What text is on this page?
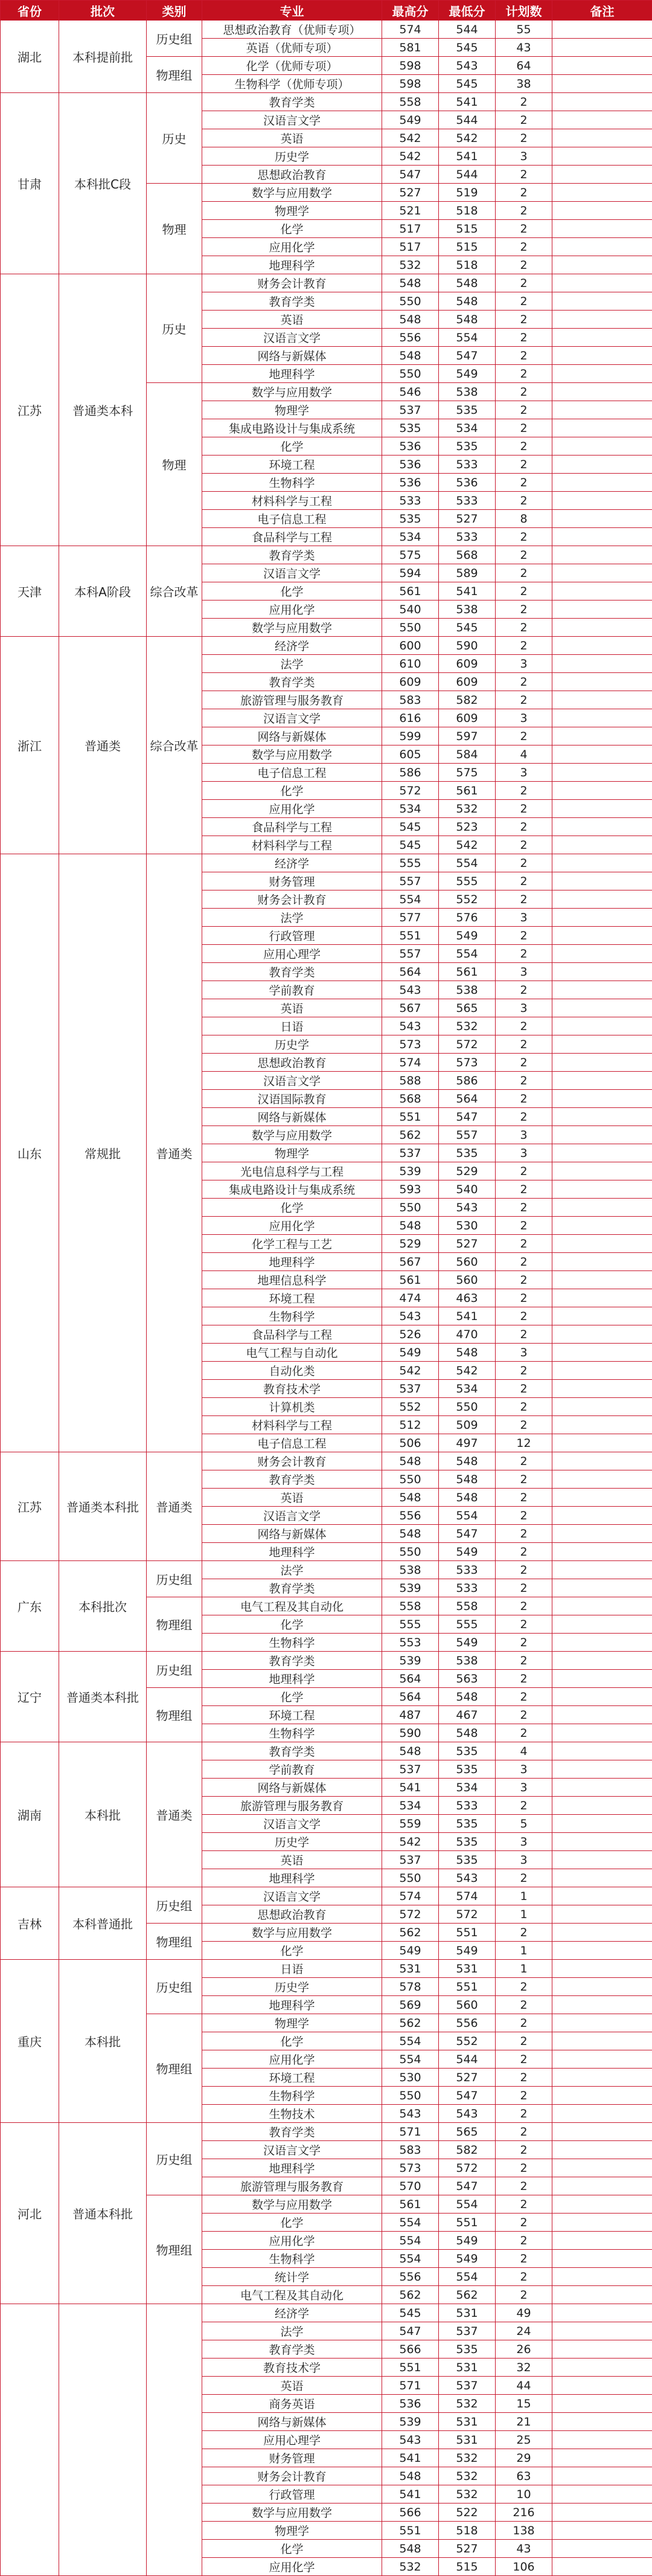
省份	批次	类别	专业	最高分	最低分	计划数	备注
湖北	本科提前批	历史组	思想政治教育（优师专项）	574	544	55	
			英语（优师专项）	581	545	43	
		物理组	化学（优师专项）	598	543	64	
			生物科学（优师专项）	598	545	38	
甘肃	本科批C段	历史	教育学类	558	541	2	
			汉语言文学	549	544	2	
			英语	542	542	2	
			历史学	542	541	3	
			思想政治教育	547	544	2	
		物理	数学与应用数学	527	519	2	
			物理学	521	518	2	
			化学	517	515	2	
			应用化学	517	515	2	
			地理科学	532	518	2	
江苏	普通类本科	历史	财务会计教育	548	548	2	
			教育学类	550	548	2	
			英语	548	548	2	
			汉语言文学	556	554	2	
			网络与新媒体	548	547	2	
			地理科学	550	549	2	
		物理	数学与应用数学	546	538	2	
			物理学	537	535	2	
			集成电路设计与集成系统	535	534	2	
			化学	536	535	2	
			环境工程	536	533	2	
			生物科学	536	536	2	
			材料科学与工程	533	533	2	
			电子信息工程	535	527	8	
			食品科学与工程	534	533	2	
天津	本科A阶段	综合改革	教育学类	575	568	2	
			汉语言文学	594	589	2	
			化学	561	541	2	
			应用化学	540	538	2	
			数学与应用数学	550	545	2	
浙江	普通类	综合改革	经济学	600	590	2	
			法学	610	609	3	
			教育学类	609	609	2	
			旅游管理与服务教育	583	582	2	
			汉语言文学	616	609	3	
			网络与新媒体	599	597	2	
			数学与应用数学	605	584	4	
			电子信息工程	586	575	3	
			化学	572	561	2	
			应用化学	534	532	2	
			食品科学与工程	545	523	2	
			材料科学与工程	545	542	2	
山东	常规批	普通类	经济学	555	554	2	
			财务管理	557	555	2	
			财务会计教育	554	552	2	
			法学	577	576	3	
			行政管理	551	549	2	
			应用心理学	557	554	2	
			教育学类	564	561	3	
			学前教育	543	538	2	
			英语	567	565	3	
			日语	543	532	2	
			历史学	573	572	2	
			思想政治教育	574	573	2	
			汉语言文学	588	586	2	
			汉语国际教育	568	564	2	
			网络与新媒体	551	547	2	
			数学与应用数学	562	557	3	
			物理学	537	535	3	
			光电信息科学与工程	539	529	2	
			集成电路设计与集成系统	593	540	2	
			化学	550	543	2	
			应用化学	548	530	2	
			化学工程与工艺	529	527	2	
			地理科学	567	560	2	
			地理信息科学	561	560	2	
			环境工程	474	463	2	
			生物科学	543	541	2	
			食品科学与工程	526	470	2	
			电气工程与自动化	549	548	3	
			自动化类	542	542	2	
			教育技术学	537	534	2	
			计算机类	552	550	2	
			材料科学与工程	512	509	2	
			电子信息工程	506	497	12	
江苏	普通类本科批	普通类	财务会计教育	548	548	2	
			教育学类	550	548	2	
			英语	548	548	2	
			汉语言文学	556	554	2	
			网络与新媒体	548	547	2	
			地理科学	550	549	2	
广东	本科批次	历史组	法学	538	533	2	
			教育学类	539	533	2	
		物理组	电气工程及其自动化	558	558	2	
			化学	555	555	2	
			生物科学	553	549	2	
辽宁	普通类本科批	历史组	教育学类	539	538	2	
			地理科学	564	563	2	
		物理组	化学	564	548	2	
			环境工程	487	467	2	
			生物科学	590	548	2	
湖南	本科批	普通类	教育学类	548	535	4	
			学前教育	537	535	3	
			网络与新媒体	541	534	3	
			旅游管理与服务教育	534	533	2	
			汉语言文学	559	535	5	
			历史学	542	535	3	
			英语	537	535	3	
			地理科学	550	543	2	
吉林	本科普通批	历史组	汉语言文学	574	574	1	
			思想政治教育	572	572	1	
		物理组	数学与应用数学	562	551	2	
			化学	549	549	1	
重庆	本科批	历史组	日语	531	531	1	
			历史学	578	551	2	
			地理科学	569	560	2	
		物理组	物理学	562	556	2	
			化学	554	552	2	
			应用化学	554	544	2	
			环境工程	530	527	2	
			生物科学	550	547	2	
			生物技术	543	543	2	
河北	普通本科批	历史组	教育学类	571	565	2	
			汉语言文学	583	582	2	
			地理科学	573	572	2	
			旅游管理与服务教育	570	547	2	
		物理组	数学与应用数学	561	554	2	
			化学	554	551	2	
			应用化学	554	549	2	
			生物科学	554	549	2	
			统计学	556	554	2	
			电气工程及其自动化	562	562	2	
			经济学	545	531	49	
			法学	547	537	24	
			教育学类	566	535	26	
			教育技术学	551	531	32	
			英语	571	537	44	
			商务英语	536	532	15	
			网络与新媒体	539	531	21	
			应用心理学	543	531	25	
			财务管理	541	532	29	
			财务会计教育	548	532	63	
			行政管理	541	532	10	
			数学与应用数学	566	522	216	
			物理学	551	518	138	
			化学	548	527	43	
			应用化学	532	515	106	
